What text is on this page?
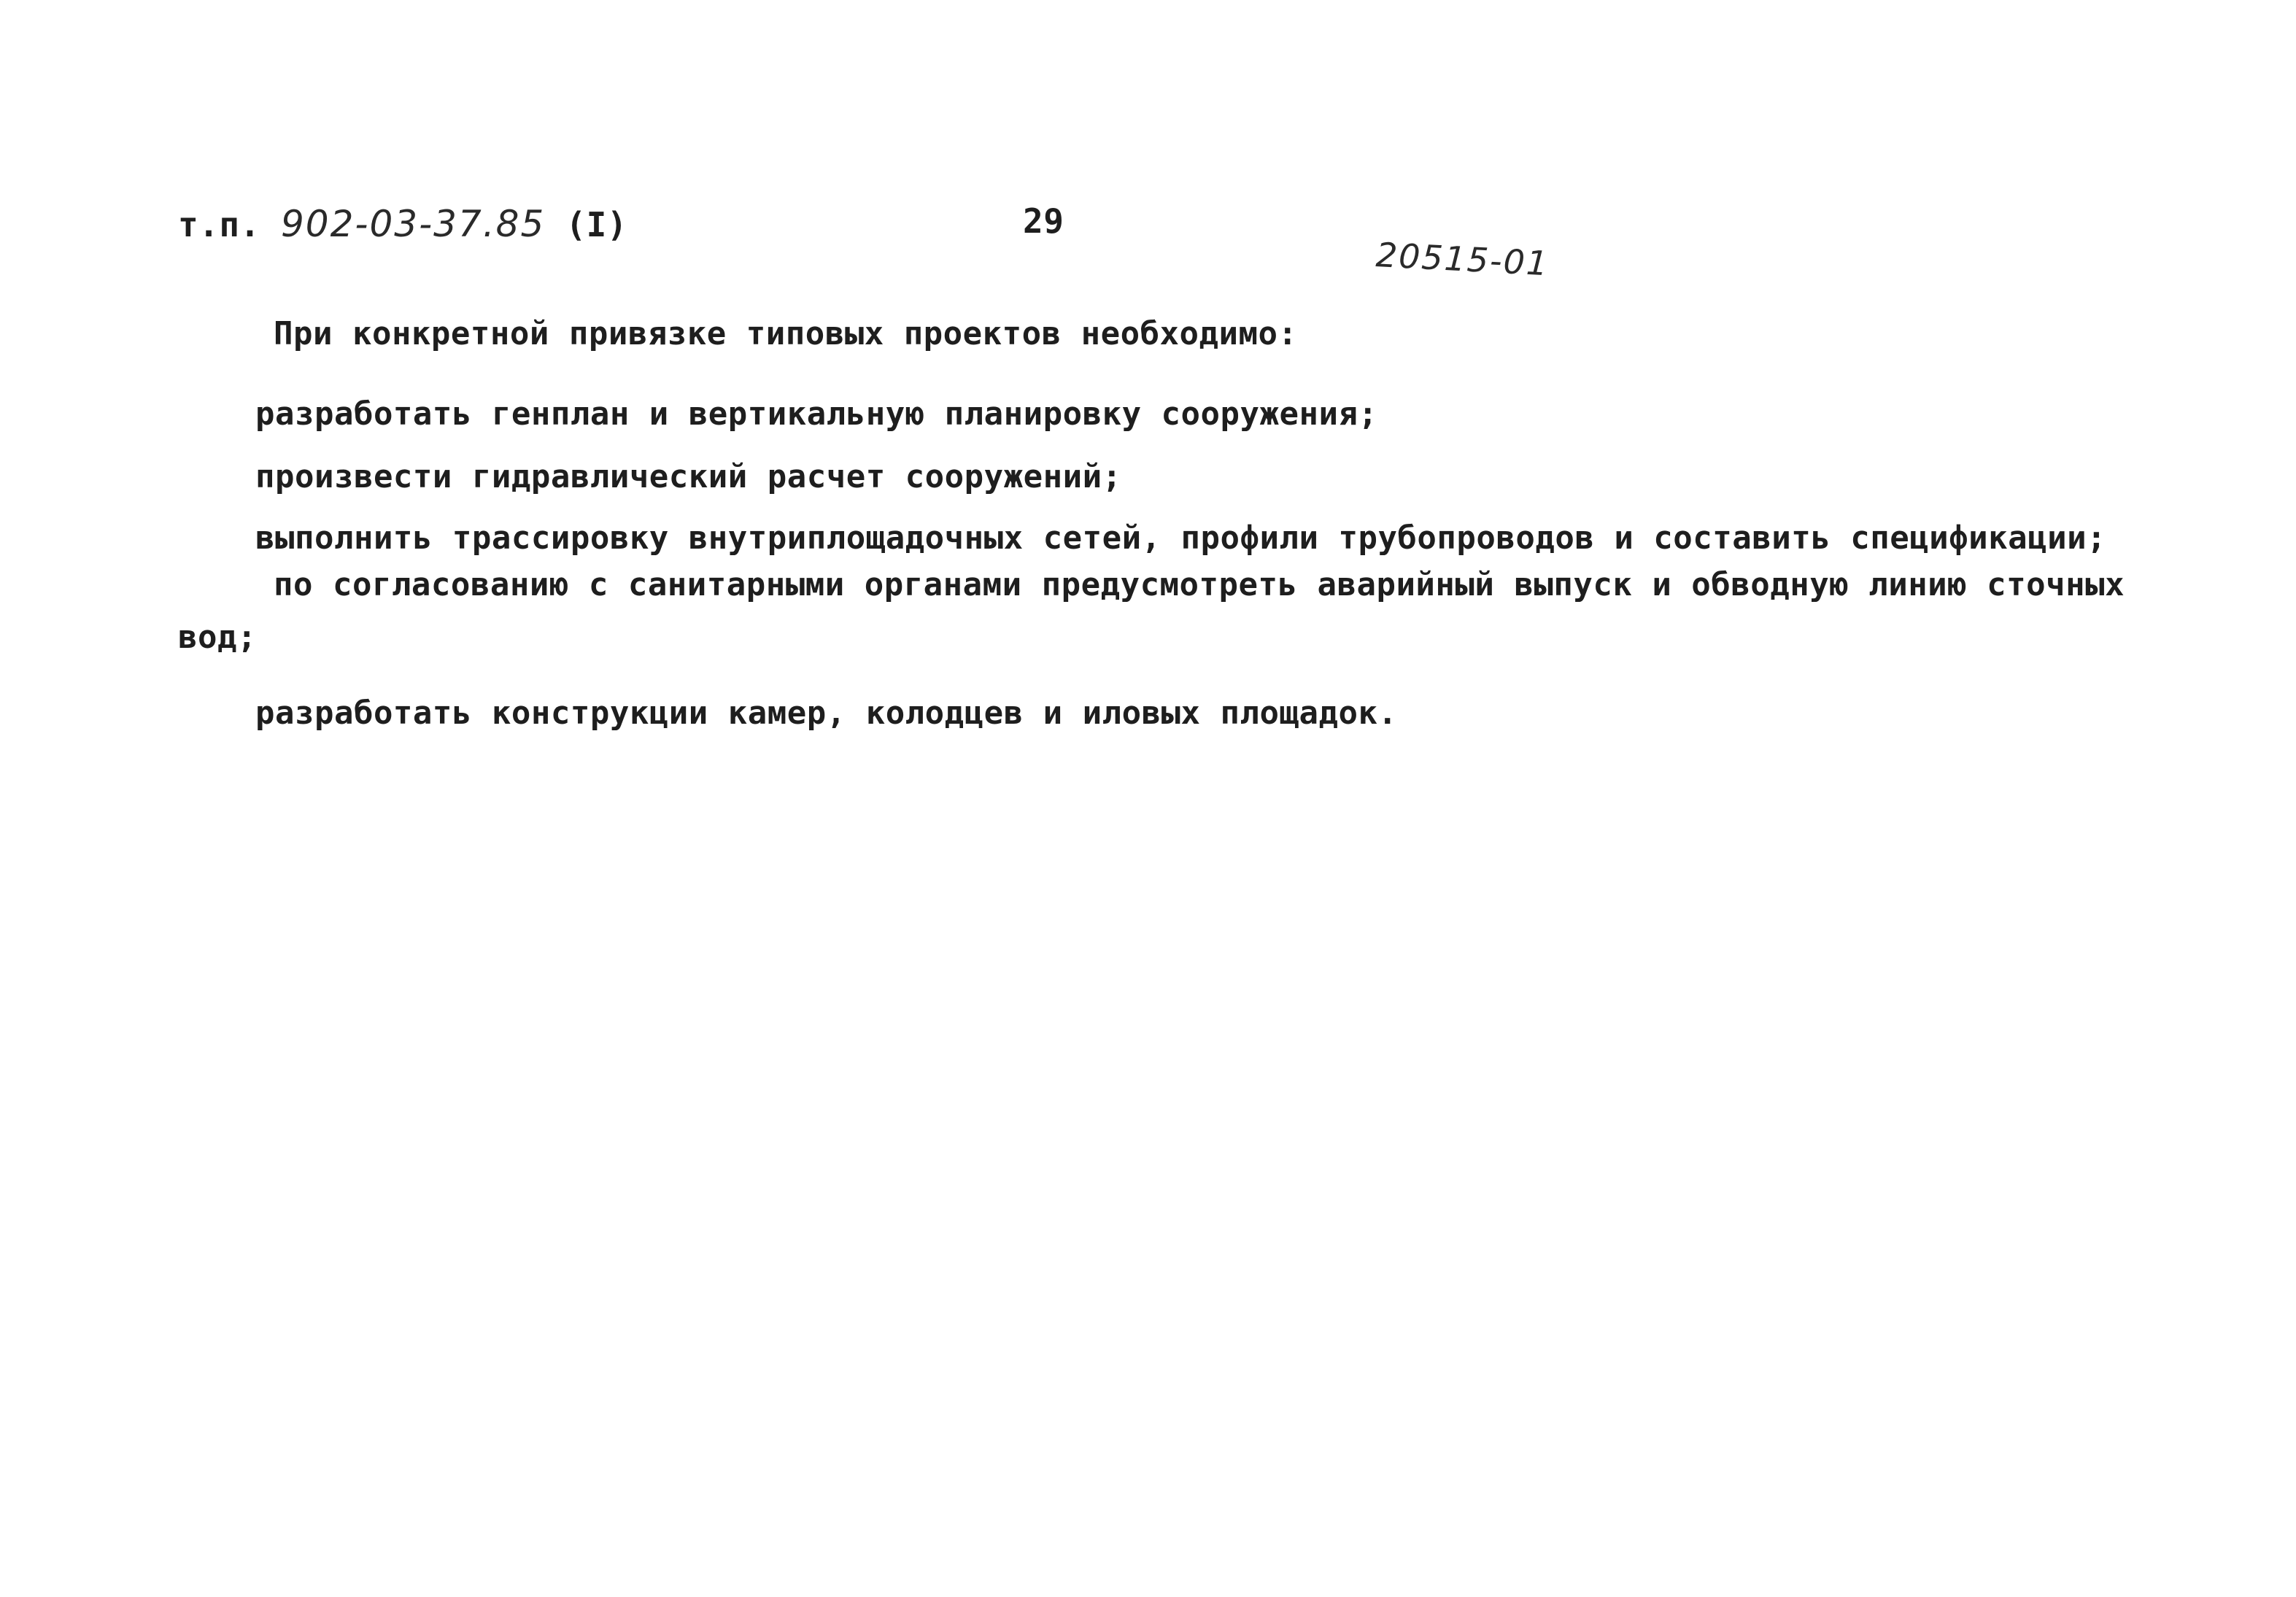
т.п. 902-03-37.85 (I)	29
20515-01
При конкретной привязке типовых проектов необходимо:
разработать генплан и вертикальную планировку сооружения;
произвести гидравлический расчет сооружений;
выполнить трассировку внутриплощадочных сетей, профили трубопроводов и составить спецификации;
по согласованию с санитарными органами предусмотреть аварийный выпуск и обводную линию сточных
вод;
разработать конструкции камер, колодцев и иловых площадок.
